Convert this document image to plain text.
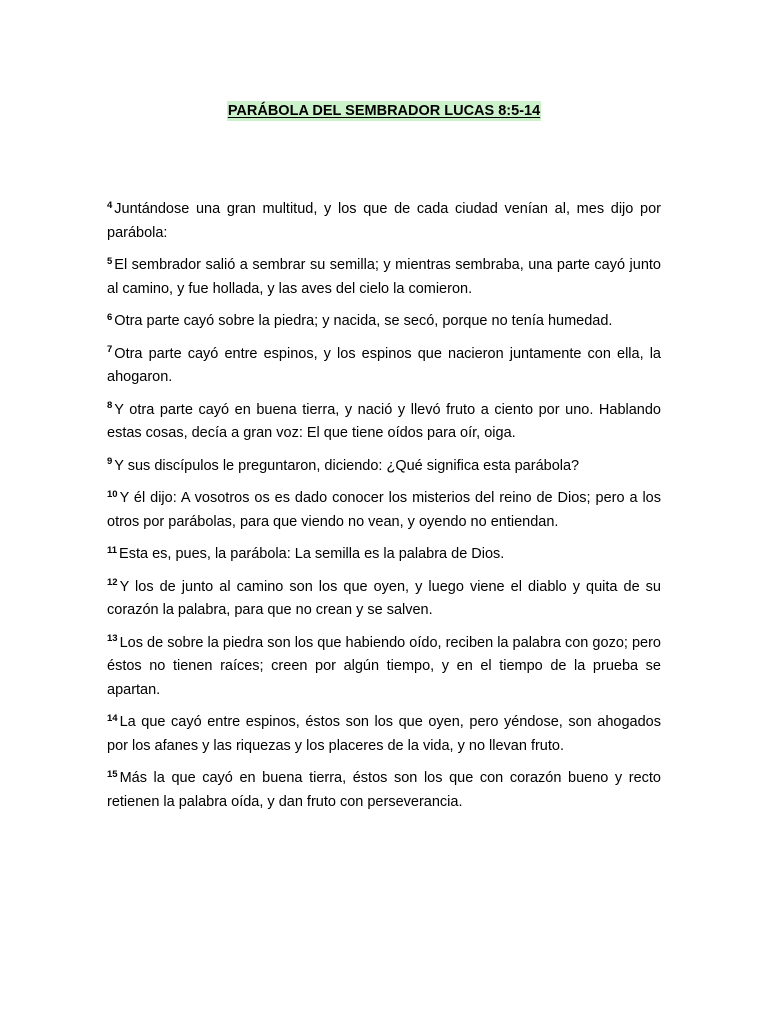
PARÁBOLA DEL SEMBRADOR LUCAS 8:5-14

$^4$ Juntándose una gran multitud, y los que de cada ciudad venían al, mes dijo por parábola:

$^5$ El sembrador salió a sembrar su semilla; y mientras sembraba, una parte cayó junto al camino, y fue hollada, y las aves del cielo la comieron.

$^6$ Otra parte cayó sobre la piedra; y nacida, se secó, porque no tenía humedad.

$^7$ Otra parte cayó entre espinos, y los espinos que nacieron juntamente con ella, la ahogaron.

$^8$ Y otra parte cayó en buena tierra, y nació y llevó fruto a ciento por uno. Hablando estas cosas, decía a gran voz: El que tiene oídos para oír, oiga.

$^9$ Y sus discípulos le preguntaron, diciendo: ¿Qué significa esta parábola?

$^{10}$ Y él dijo: A vosotros os es dado conocer los misterios del reino de Dios; pero a los otros por parábolas, para que viendo no vean, y oyendo no entiendan.

$^{11}$ Esta es, pues, la parábola: La semilla es la palabra de Dios.

$^{12}$ Y los de junto al camino son los que oyen, y luego viene el diablo y quita de su corazón la palabra, para que no crean y se salven.

$^{13}$ Los de sobre la piedra son los que habiendo oído, reciben la palabra con gozo; pero éstos no tienen raíces; creen por algún tiempo, y en el tiempo de la prueba se apartan.

$^{14}$ La que cayó entre espinos, éstos son los que oyen, pero yéndose, son ahogados por los afanes y las riquezas y los placeres de la vida, y no llevan fruto.

$^{15}$ Más la que cayó en buena tierra, éstos son los que con corazón bueno y recto retienen la palabra oída, y dan fruto con perseverancia.
